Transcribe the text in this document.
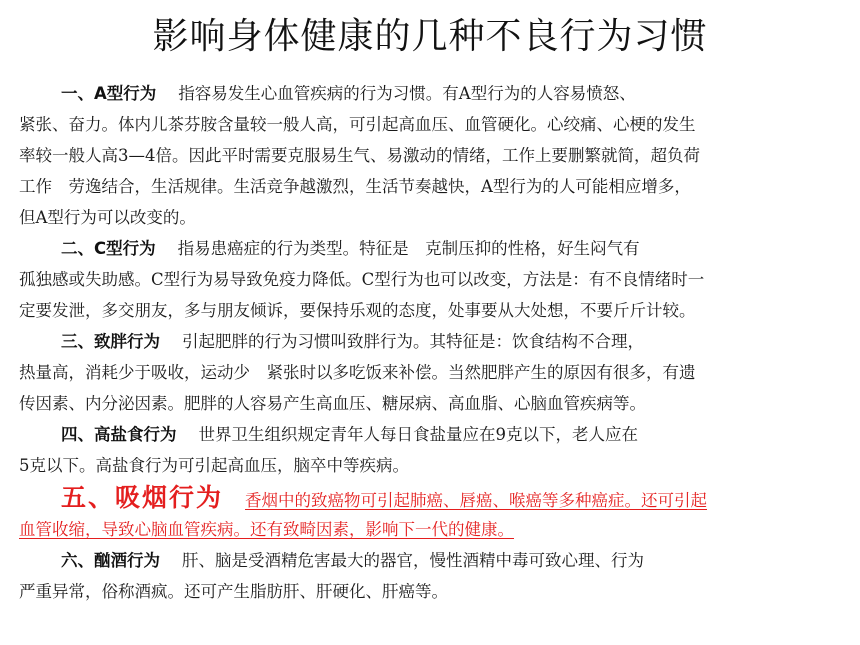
影响身体健康的几种不良行为习惯
一、A型行为 指容易发生心血管疾病的行为习惯。有A型行为的人容易愤怒、
紧张、奋力。体内儿茶芬胺含量较一般人高，可引起高血压、血管硬化。心绞痛、心梗的发生
率较一般人高3—4倍。因此平时需要克服易生气、易激动的情绪，工作上要删繁就简，超负荷
工作　劳逸结合，生活规律。生活竞争越激烈，生活节奏越快，A型行为的人可能相应增多，
但A型行为可以改变的。
二、C型行为 指易患癌症的行为类型。特征是　克制压抑的性格，好生闷气有
孤独感或失助感。C型行为易导致免疫力降低。C型行为也可以改变，方法是：有不良情绪时一
定要发泄，多交朋友，多与朋友倾诉，要保持乐观的态度，处事要从大处想，不要斤斤计较。
三、致胖行为 引起肥胖的行为习惯叫致胖行为。其特征是：饮食结构不合理，
热量高，消耗少于吸收，运动少　紧张时以多吃饭来补偿。当然肥胖产生的原因有很多，有遗
传因素、内分泌因素。肥胖的人容易产生高血压、糖尿病、高血脂、心脑血管疾病等。
四、高盐食行为 世界卫生组织规定青年人每日食盐量应在9克以下，老人应在
5克以下。高盐食行为可引起高血压，脑卒中等疾病。
五、吸烟行为 香烟中的致癌物可引起肺癌、唇癌、喉癌等多种癌症。还可引起
血管收缩，导致心脑血管疾病。还有致畸因素，影响下一代的健康。
六、酗酒行为 肝、脑是受酒精危害最大的器官，慢性酒精中毒可致心理、行为
严重异常，俗称酒疯。还可产生脂肪肝、肝硬化、肝癌等。
